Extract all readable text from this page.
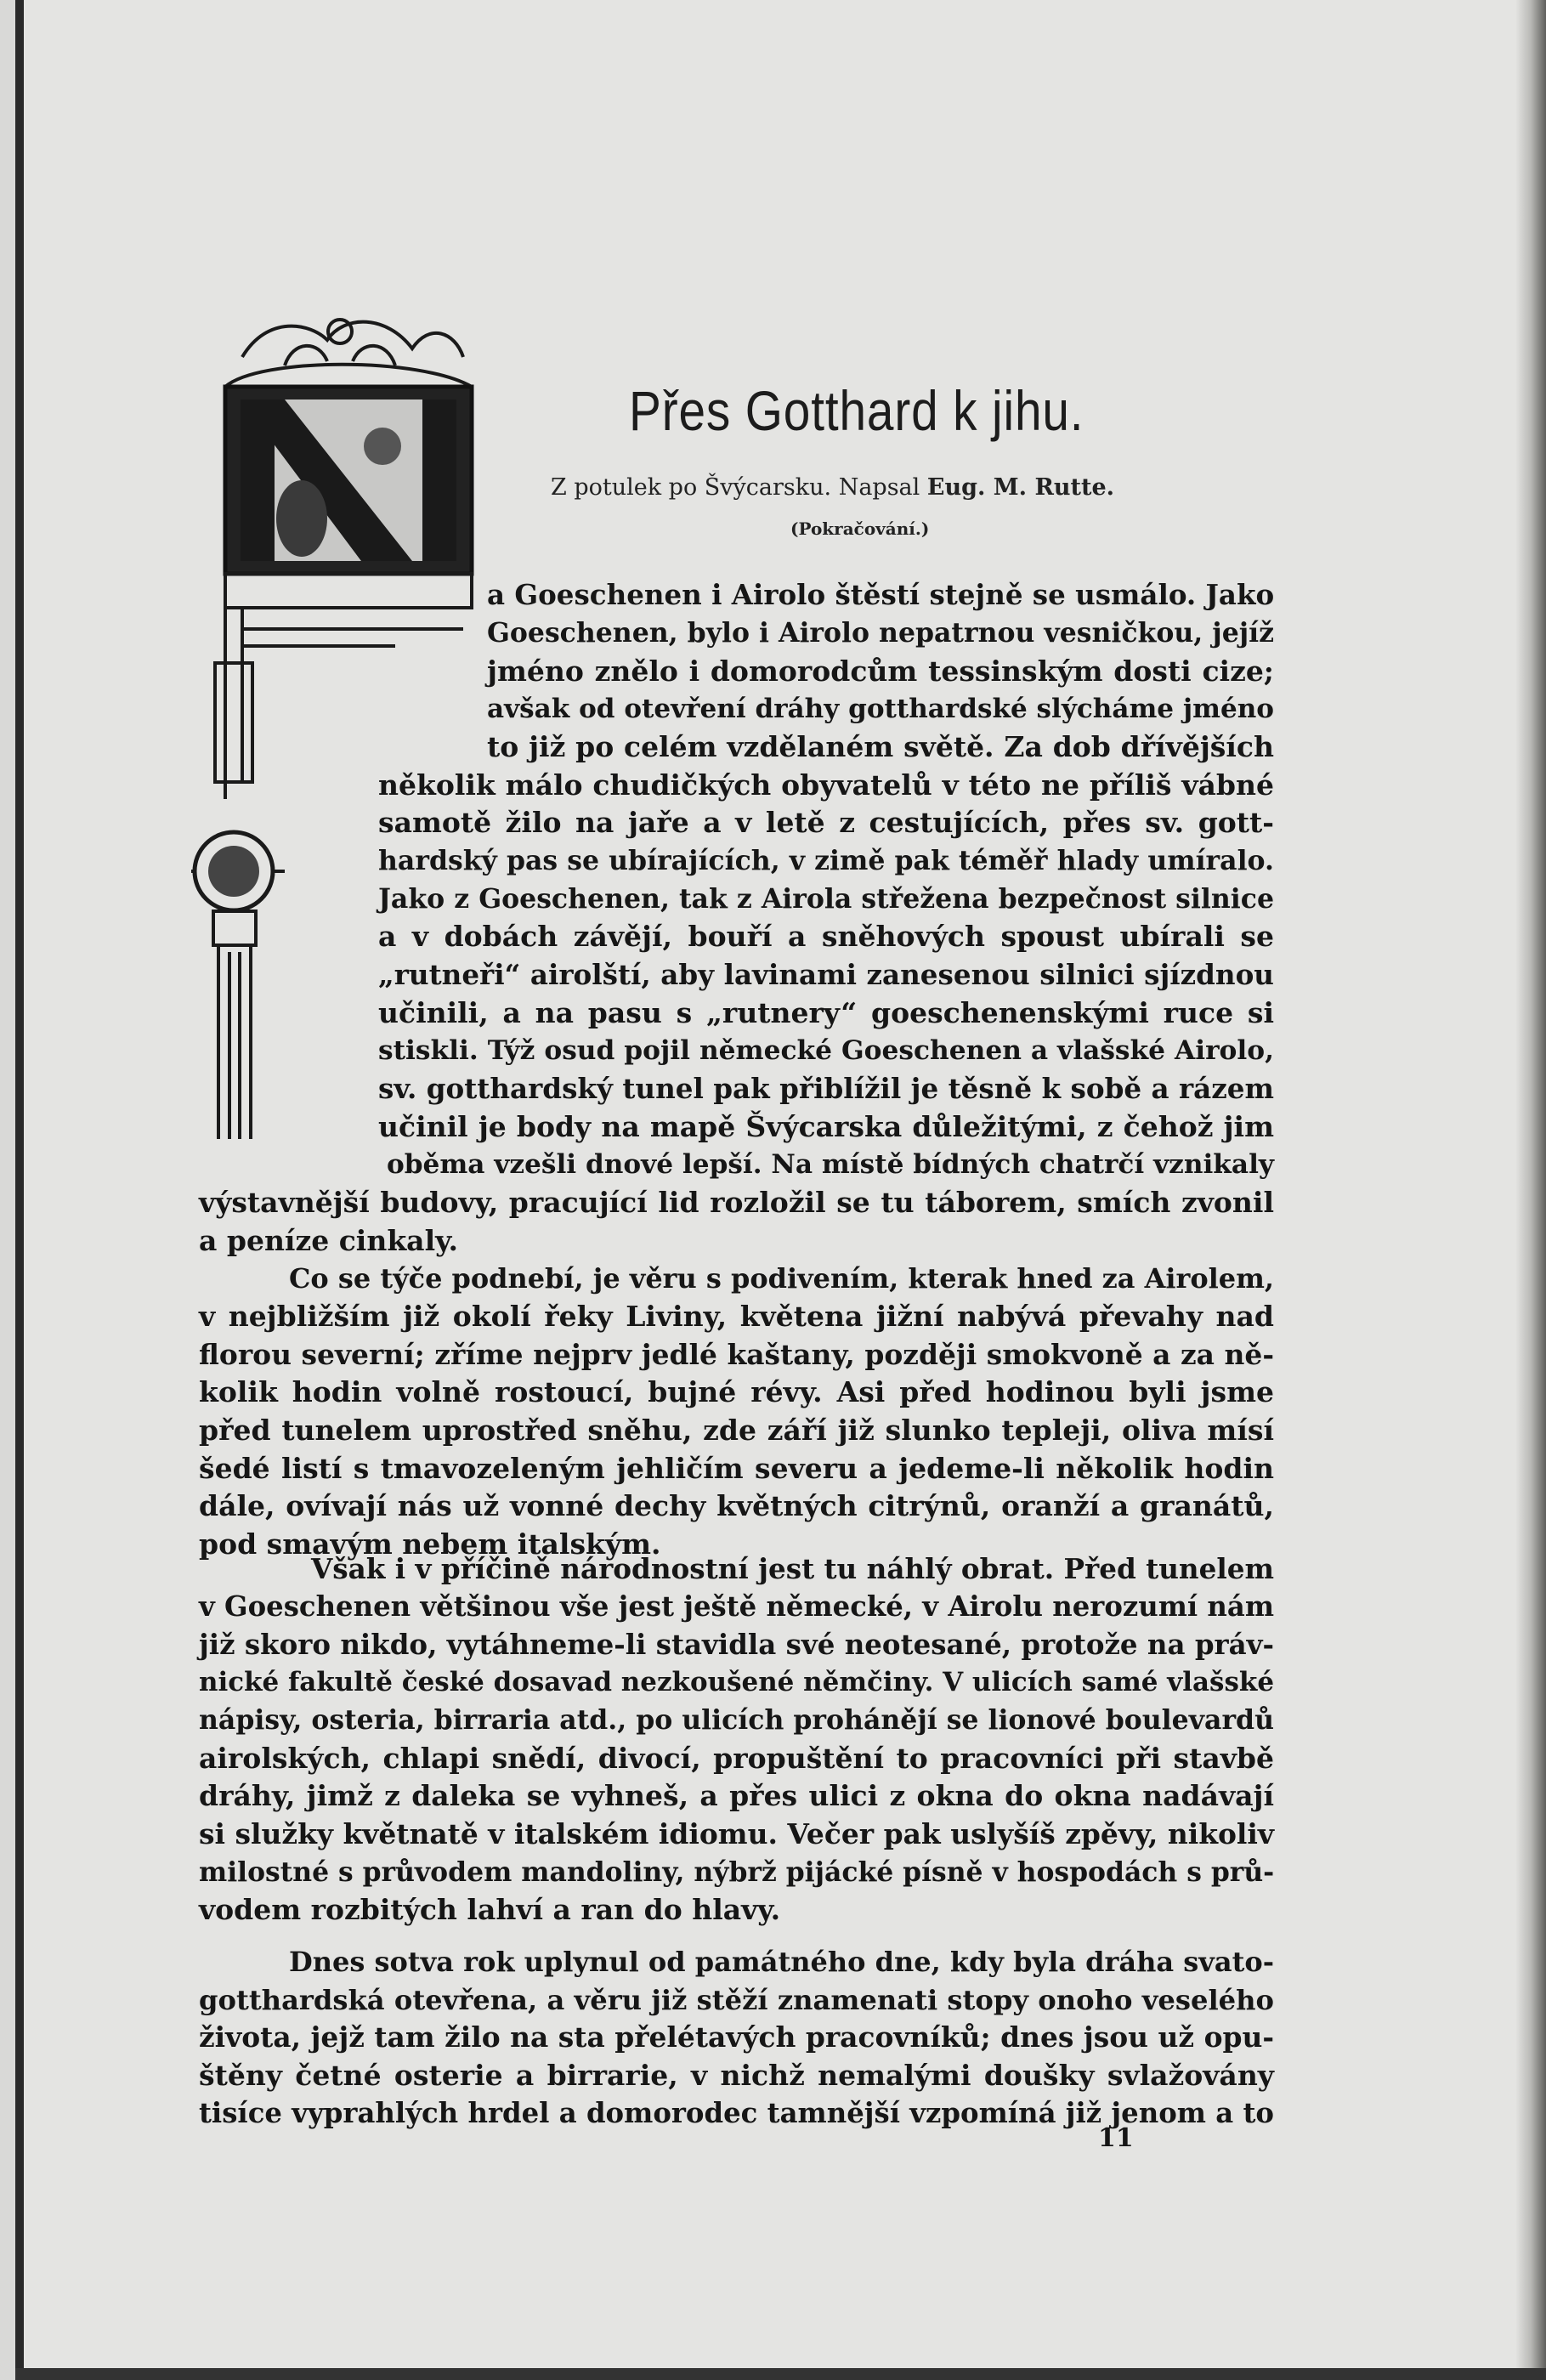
Přes Gotthard k jihu.
Z potulek po Švýcarsku. Napsal Eug. M. Rutte.
(Pokračování.)
a Goeschenen i Airolo štěstí stejně se usmálo. Jako
Goeschenen, bylo i Airolo nepatrnou vesničkou, jejíž
jméno znělo i domorodcům tessinským dosti cize;
avšak od otevření dráhy gotthardské slýcháme jméno
to již po celém vzdělaném světě. Za dob dřívějších
několik málo chudičkých obyvatelů v této ne příliš vábné
samotě žilo na jaře a v letě z cestujících, přes sv. gott-
hardský pas se ubírajících, v zimě pak téměř hlady umíralo.
Jako z Goeschenen, tak z Airola střežena bezpečnost silnice
a v dobách závějí, bouří a sněhových spoust ubírali se
„rutneři“ airolští, aby lavinami zanesenou silnici sjízdnou
učinili, a na pasu s „rutnery“ goeschenenskými ruce si
stiskli. Týž osud pojil německé Goeschenen a vlašské Airolo,
sv. gotthardský tunel pak přiblížil je těsně k sobě a rázem
učinil je body na mapě Švýcarska důležitými, z čehož jim
oběma vzešli dnové lepší. Na místě bídných chatrčí vznikaly
výstavnější budovy, pracující lid rozložil se tu táborem, smích zvonil
a peníze cinkaly.
Co se týče podnebí, je věru s podivením, kterak hned za Airolem,
v nejbližším již okolí řeky Liviny, květena jižní nabývá převahy nad
florou severní; zříme nejprv jedlé kaštany, později smokvoně a za ně-
kolik hodin volně rostoucí, bujné révy. Asi před hodinou byli jsme
před tunelem uprostřed sněhu, zde září již slunko tepleji, oliva mísí
šedé listí s tmavozeleným jehličím severu a jedeme-li několik hodin
dále, ovívají nás už vonné dechy květných citrýnů, oranží a granátů,
pod smavým nebem italským.
Však i v příčině národnostní jest tu náhlý obrat. Před tunelem
v Goeschenen většinou vše jest ještě německé, v Airolu nerozumí nám
již skoro nikdo, vytáhneme-li stavidla své neotesané, protože na práv-
nické fakultě české dosavad nezkoušené němčiny. V ulicích samé vlašské
nápisy, osteria, birraria atd., po ulicích prohánějí se lionové boulevardů
airolských, chlapi snědí, divocí, propuštění to pracovníci při stavbě
dráhy, jimž z daleka se vyhneš, a přes ulici z okna do okna nadávají
si služky květnatě v italském idiomu. Večer pak uslyšíš zpěvy, nikoliv
milostné s průvodem mandoliny, nýbrž pijácké písně v hospodách s prů-
vodem rozbitých lahví a ran do hlavy.
Dnes sotva rok uplynul od památného dne, kdy byla dráha svato-
gotthardská otevřena, a věru již stěží znamenati stopy onoho veselého
života, jejž tam žilo na sta přelétavých pracovníků; dnes jsou už opu-
štěny četné osterie a birrarie, v nichž nemalými doušky svlažovány
tisíce vyprahlých hrdel a domorodec tamnější vzpomíná již jenom a to
11
